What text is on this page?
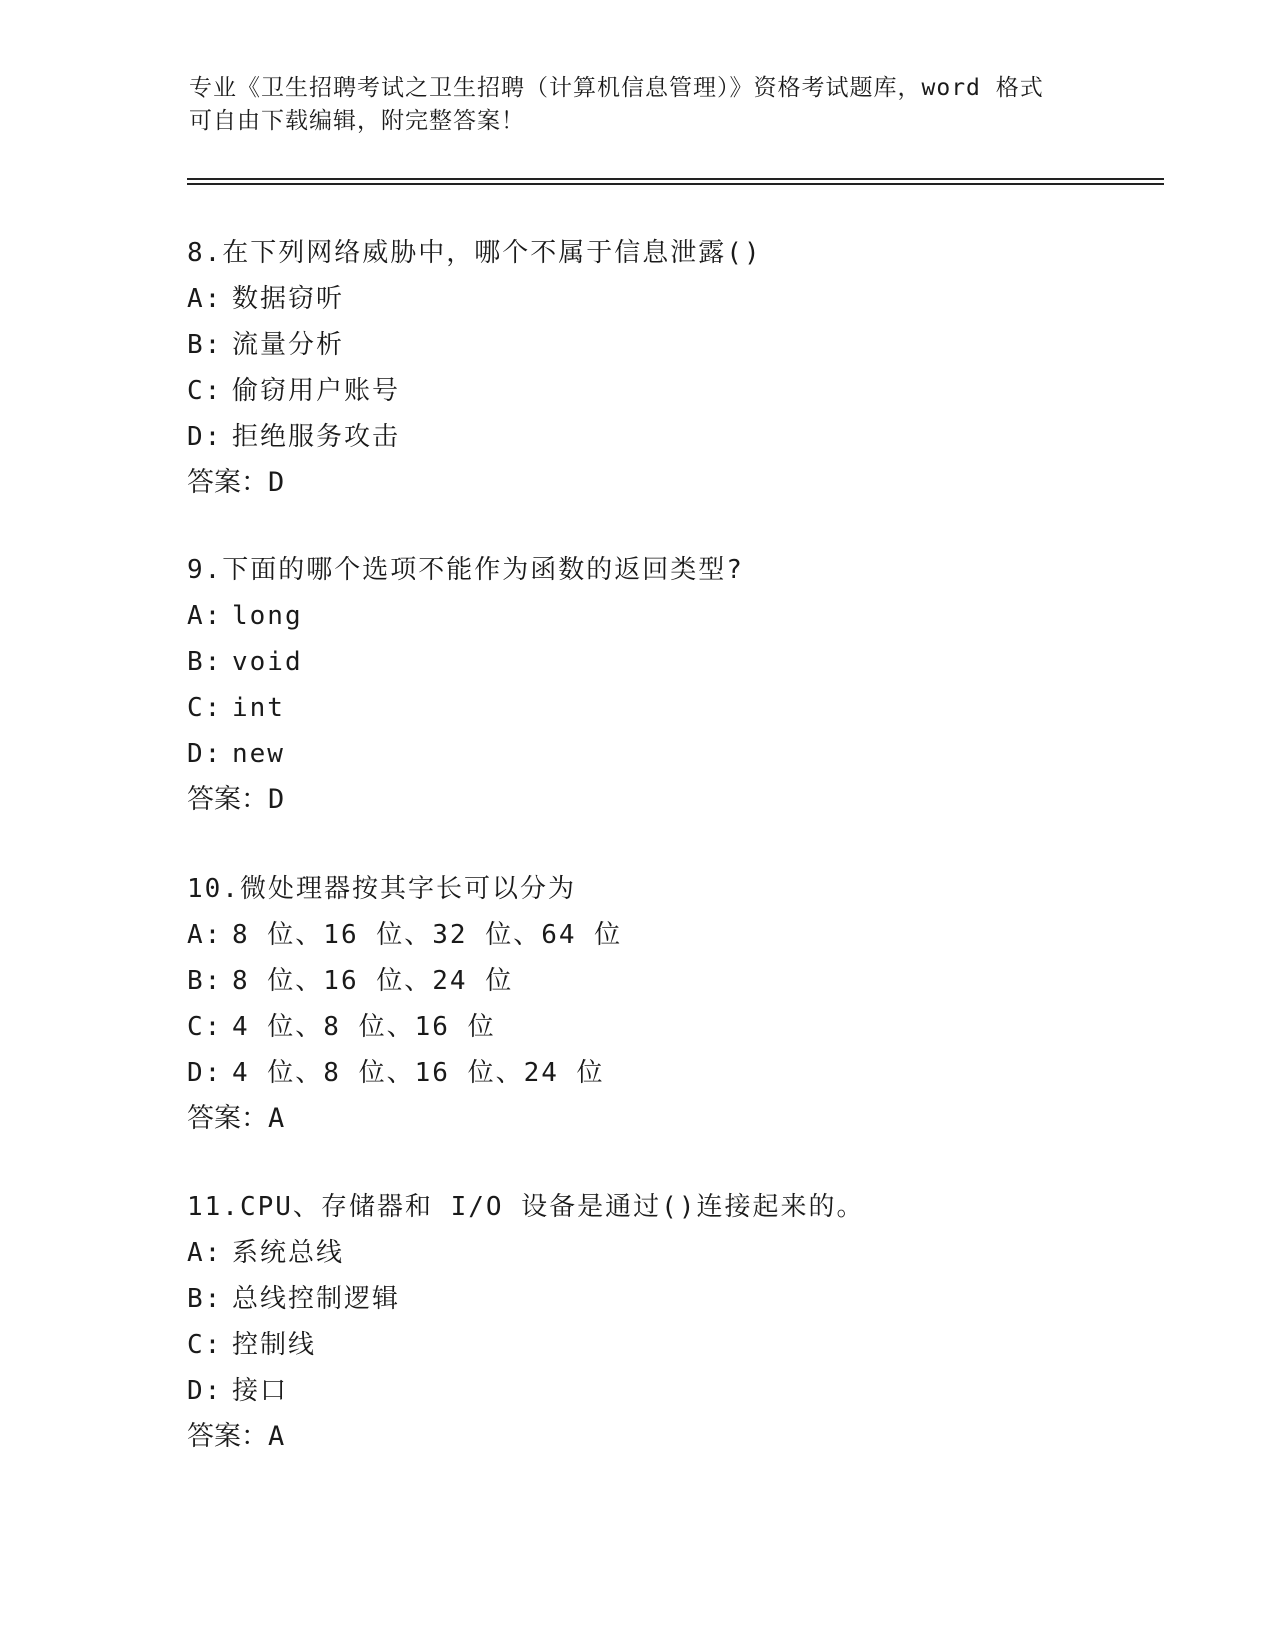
专业《卫生招聘考试之卫生招聘（计算机信息管理）》资格考试题库，word 格式
可自由下载编辑，附完整答案！
8.在下列网络威胁中，哪个不属于信息泄露()
A: 数据窃听
B: 流量分析
C: 偷窃用户账号
D: 拒绝服务攻击
答案：D
9.下面的哪个选项不能作为函数的返回类型?
A: long
B: void
C: int
D: new
答案：D
10.微处理器按其字长可以分为
A: 8 位、16 位、32 位、64 位
B: 8 位、16 位、24 位
C: 4 位、8 位、16 位
D: 4 位、8 位、16 位、24 位
答案：A
11.CPU、存储器和 I/O 设备是通过()连接起来的。
A: 系统总线
B: 总线控制逻辑
C: 控制线
D: 接口
答案：A
